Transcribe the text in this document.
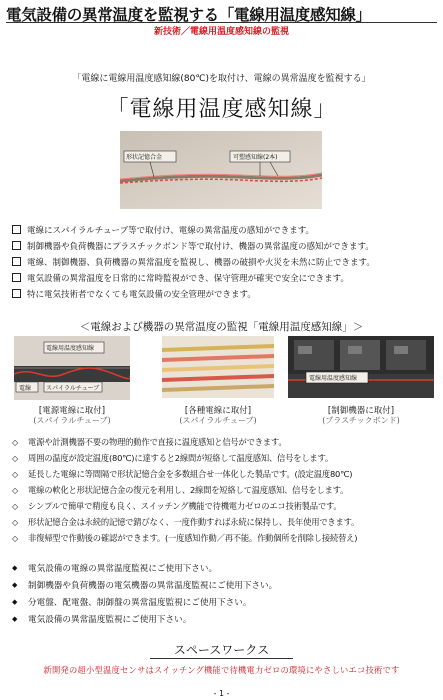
電気設備の異常温度を監視する「電線用温度感知線」
新技術／電線用温度感知線の監視
「電線に電線用温度感知線(80℃)を取付け、電線の異常温度を監視する」
「電線用温度感知線」
形状記憶合金	可塑感知線(2本)
電線にスパイラルチューブ等で取付け、電線の異常温度の感知ができます。
制御機器や負荷機器にプラスチックボンド等で取付け、機器の異常温度の感知ができます。
電線、制御機器、負荷機器の異常温度を監視し、機器の破損や火災を未然に防止できます。
電気設備の異常温度を日常的に常時監視ができ、保守管理が確実で安全にできます。
特に電気技術者でなくても電気設備の安全管理ができます。
＜電線および機器の異常温度の監視「電線用温度感知線」＞
電線用温度感知線
電線 スパイラルチューブ
電線用温度感知線
[電源電線に取付]
(スパイラルチューブ)
[各種電線に取付]
(スパイラルチューブ)
[制御機器に取付]
(プラスチックボンド)
◇ 電源や計測機器不要の物理的動作で直接に温度感知と信号ができます。
◇ 周囲の温度が設定温度(80℃)に達すると2線間が短絡して温度感知、信号をします。
◇ 延長した電線に等間隔で形状記憶合金を多数組合せ一体化した製品です。(設定温度80℃)
◇ 電線の軟化と形状記憶合金の復元を利用し、2線間を短絡して温度感知、信号をします。
◇ シンプルで簡単で精度も良く、スイッチング機能で待機電力ゼロのエコ技術製品です。
◇ 形状記憶合金は永続的記憶で錆びなく、一度作動すれば永続に保持し、長年使用できます。
◇ 非復帰型で作動後の確認ができます。(一度感知作動／再不能。作動個所を削除し接続替え)
◆ 電気設備の電線の異常温度監視にご使用下さい。
◆ 制御機器や負荷機器の電気機器の異常温度監視にご使用下さい。
◆ 分電盤、配電盤、制御盤の異常温度監視にご使用下さい。
◆ 電気設備の異常温度監視にご使用下さい。
スペースワークス
新開発の超小型温度センサはスイッチング機能で待機電力ゼロの環境にやさしいエコ技術です
- 1 -
